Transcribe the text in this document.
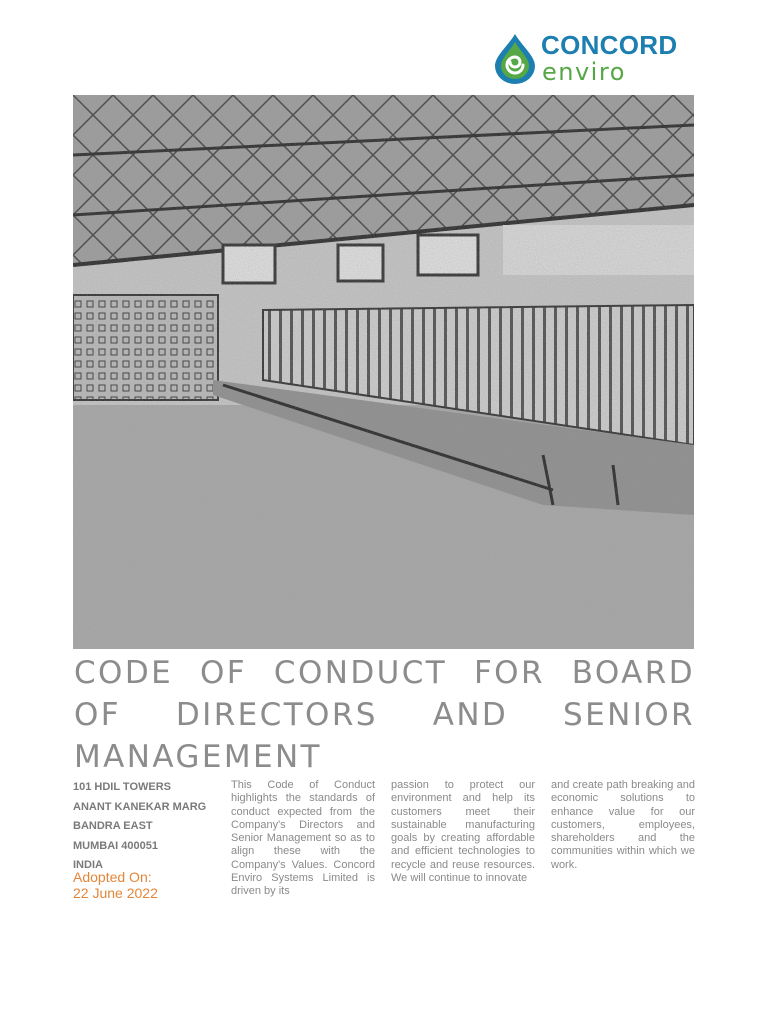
CONCORD
enviro
CODE OF CONDUCT FOR BOARD OF DIRECTORS AND SENIOR MANAGEMENT
101 HDIL TOWERS
ANANT KANEKAR MARG
BANDRA EAST
MUMBAI 400051
INDIA
Adopted On:
22 June 2022

This Code of Conduct highlights the standards of conduct expected from the Company's Directors and Senior Management so as to align these with the Company's Values. Concord Enviro Systems Limited is driven by its

passion to protect our environment and help its customers meet their sustainable manufacturing goals by creating affordable and efficient technologies to recycle and reuse resources. We will continue to innovate

and create path breaking and economic solutions to enhance value for our customers, employees, shareholders and the communities within which we work.
